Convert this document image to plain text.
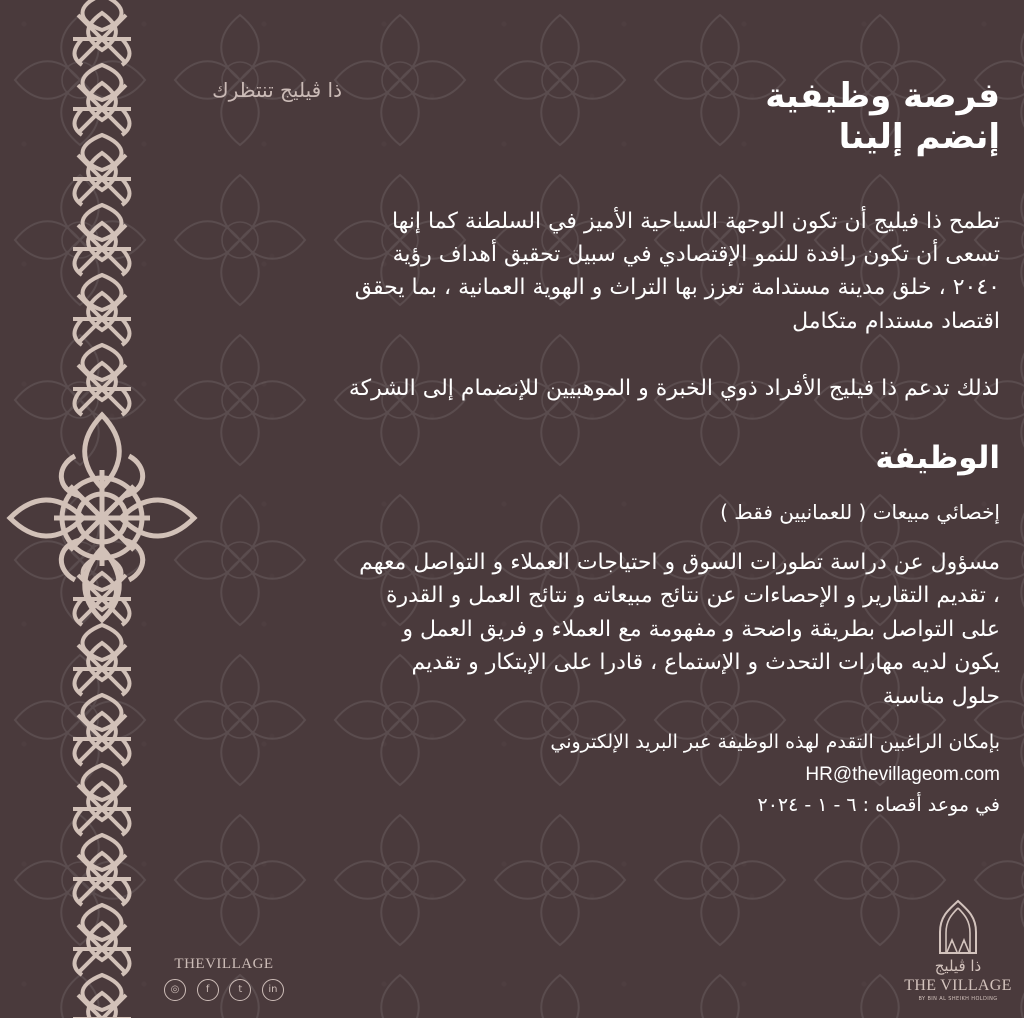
ذا ڤيليج تنتظرك	فرصة وظيفية
إنضم إلينا

تطمح ذا فيليج أن تكون الوجهة السياحية الأميز في السلطنة كما إنها
تسعى أن تكون رافدة للنمو الإقتصادي في سبيل تحقيق أهداف رؤية
٢٠٤٠ ، خلق مدينة مستدامة تعزز بها التراث و الهوية العمانية ، بما يحقق
اقتصاد مستدام متكامل

لذلك تدعم ذا فيليج الأفراد ذوي الخبرة و الموهبيين للإنضمام إلى الشركة

الوظيفة
إخصائي مبيعات ( للعمانيين فقط )

مسؤول عن دراسة تطورات السوق و احتياجات العملاء و التواصل معهم
، تقديم التقارير و الإحصاءات عن نتائج مبيعاته و نتائج العمل و القدرة
على التواصل بطريقة واضحة و مفهومة مع العملاء و فريق العمل و
يكون لديه مهارات التحدث و الإستماع ، قادرا على الإبتكار و تقديم
حلول مناسبة

بإمكان الراغبين التقدم لهذه الوظيفة عبر البريد الإلكتروني
HR@thevillageom.com
في موعد أقصاه : ٦ - ١ - ٢٠٢٤
THEVILLAGE
◎	f	t	in
ذا ڤيليج
THE VILLAGE
BY BIN AL SHEIKH HOLDING
